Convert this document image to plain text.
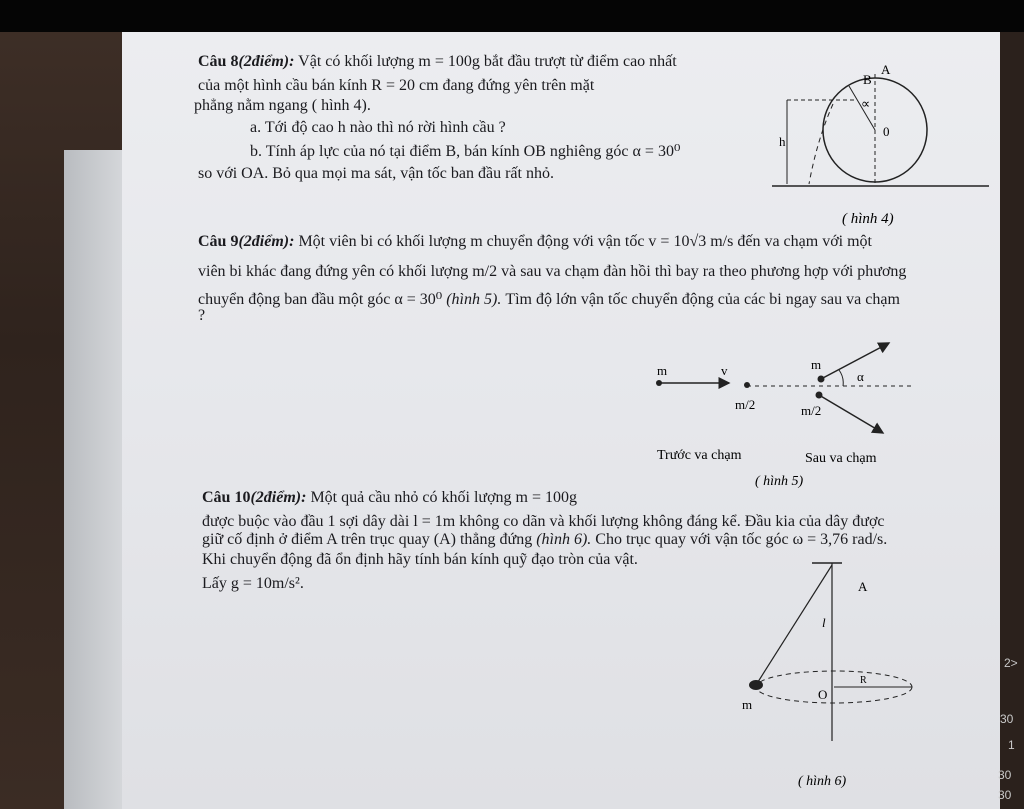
Câu 8(2điểm): Vật có khối lượng m = 100g bắt đầu trượt từ điểm cao nhất
của một hình cầu bán kính R = 20 cm đang đứng yên trên mặt
phẳng nằm ngang ( hình 4).
a. Tới độ cao h nào thì nó rời hình cầu ?
b. Tính áp lực của nó tại điểm B, bán kính OB nghiêng góc α = 30⁰
so với OA. Bỏ qua mọi ma sát, vận tốc ban đầu rất nhỏ.
B
A
∝
0
h
( hình 4)
Câu 9(2điểm): Một viên bi có khối lượng m chuyển động với vận tốc v = 10√3 m/s đến va chạm với một
viên bi khác đang đứng yên có khối lượng m/2 và sau va chạm đàn hồi thì bay ra theo phương hợp với phương
chuyển động ban đầu một góc α = 30⁰ (hình 5). Tìm độ lớn vận tốc chuyển động của các bi ngay sau va chạm
?
m	v
m/2
m
α
m/2
Trước va chạm	Sau va chạm
( hình 5)
Câu 10(2điểm): Một quả cầu nhỏ có khối lượng m = 100g
được buộc vào đầu 1 sợi dây dài l = 1m không co dãn và khối lượng không đáng kể. Đầu kia của dây được
giữ cố định ở điểm A trên trục quay (A) thẳng đứng (hình 6). Cho trục quay với vận tốc góc ω = 3,76 rad/s.
Khi chuyển động đã ổn định hãy tính bán kính quỹ đạo tròn của vật.
Lấy g = 10m/s².	A
l
O
R
m
( hình 6)
2>
30
1
30
30
